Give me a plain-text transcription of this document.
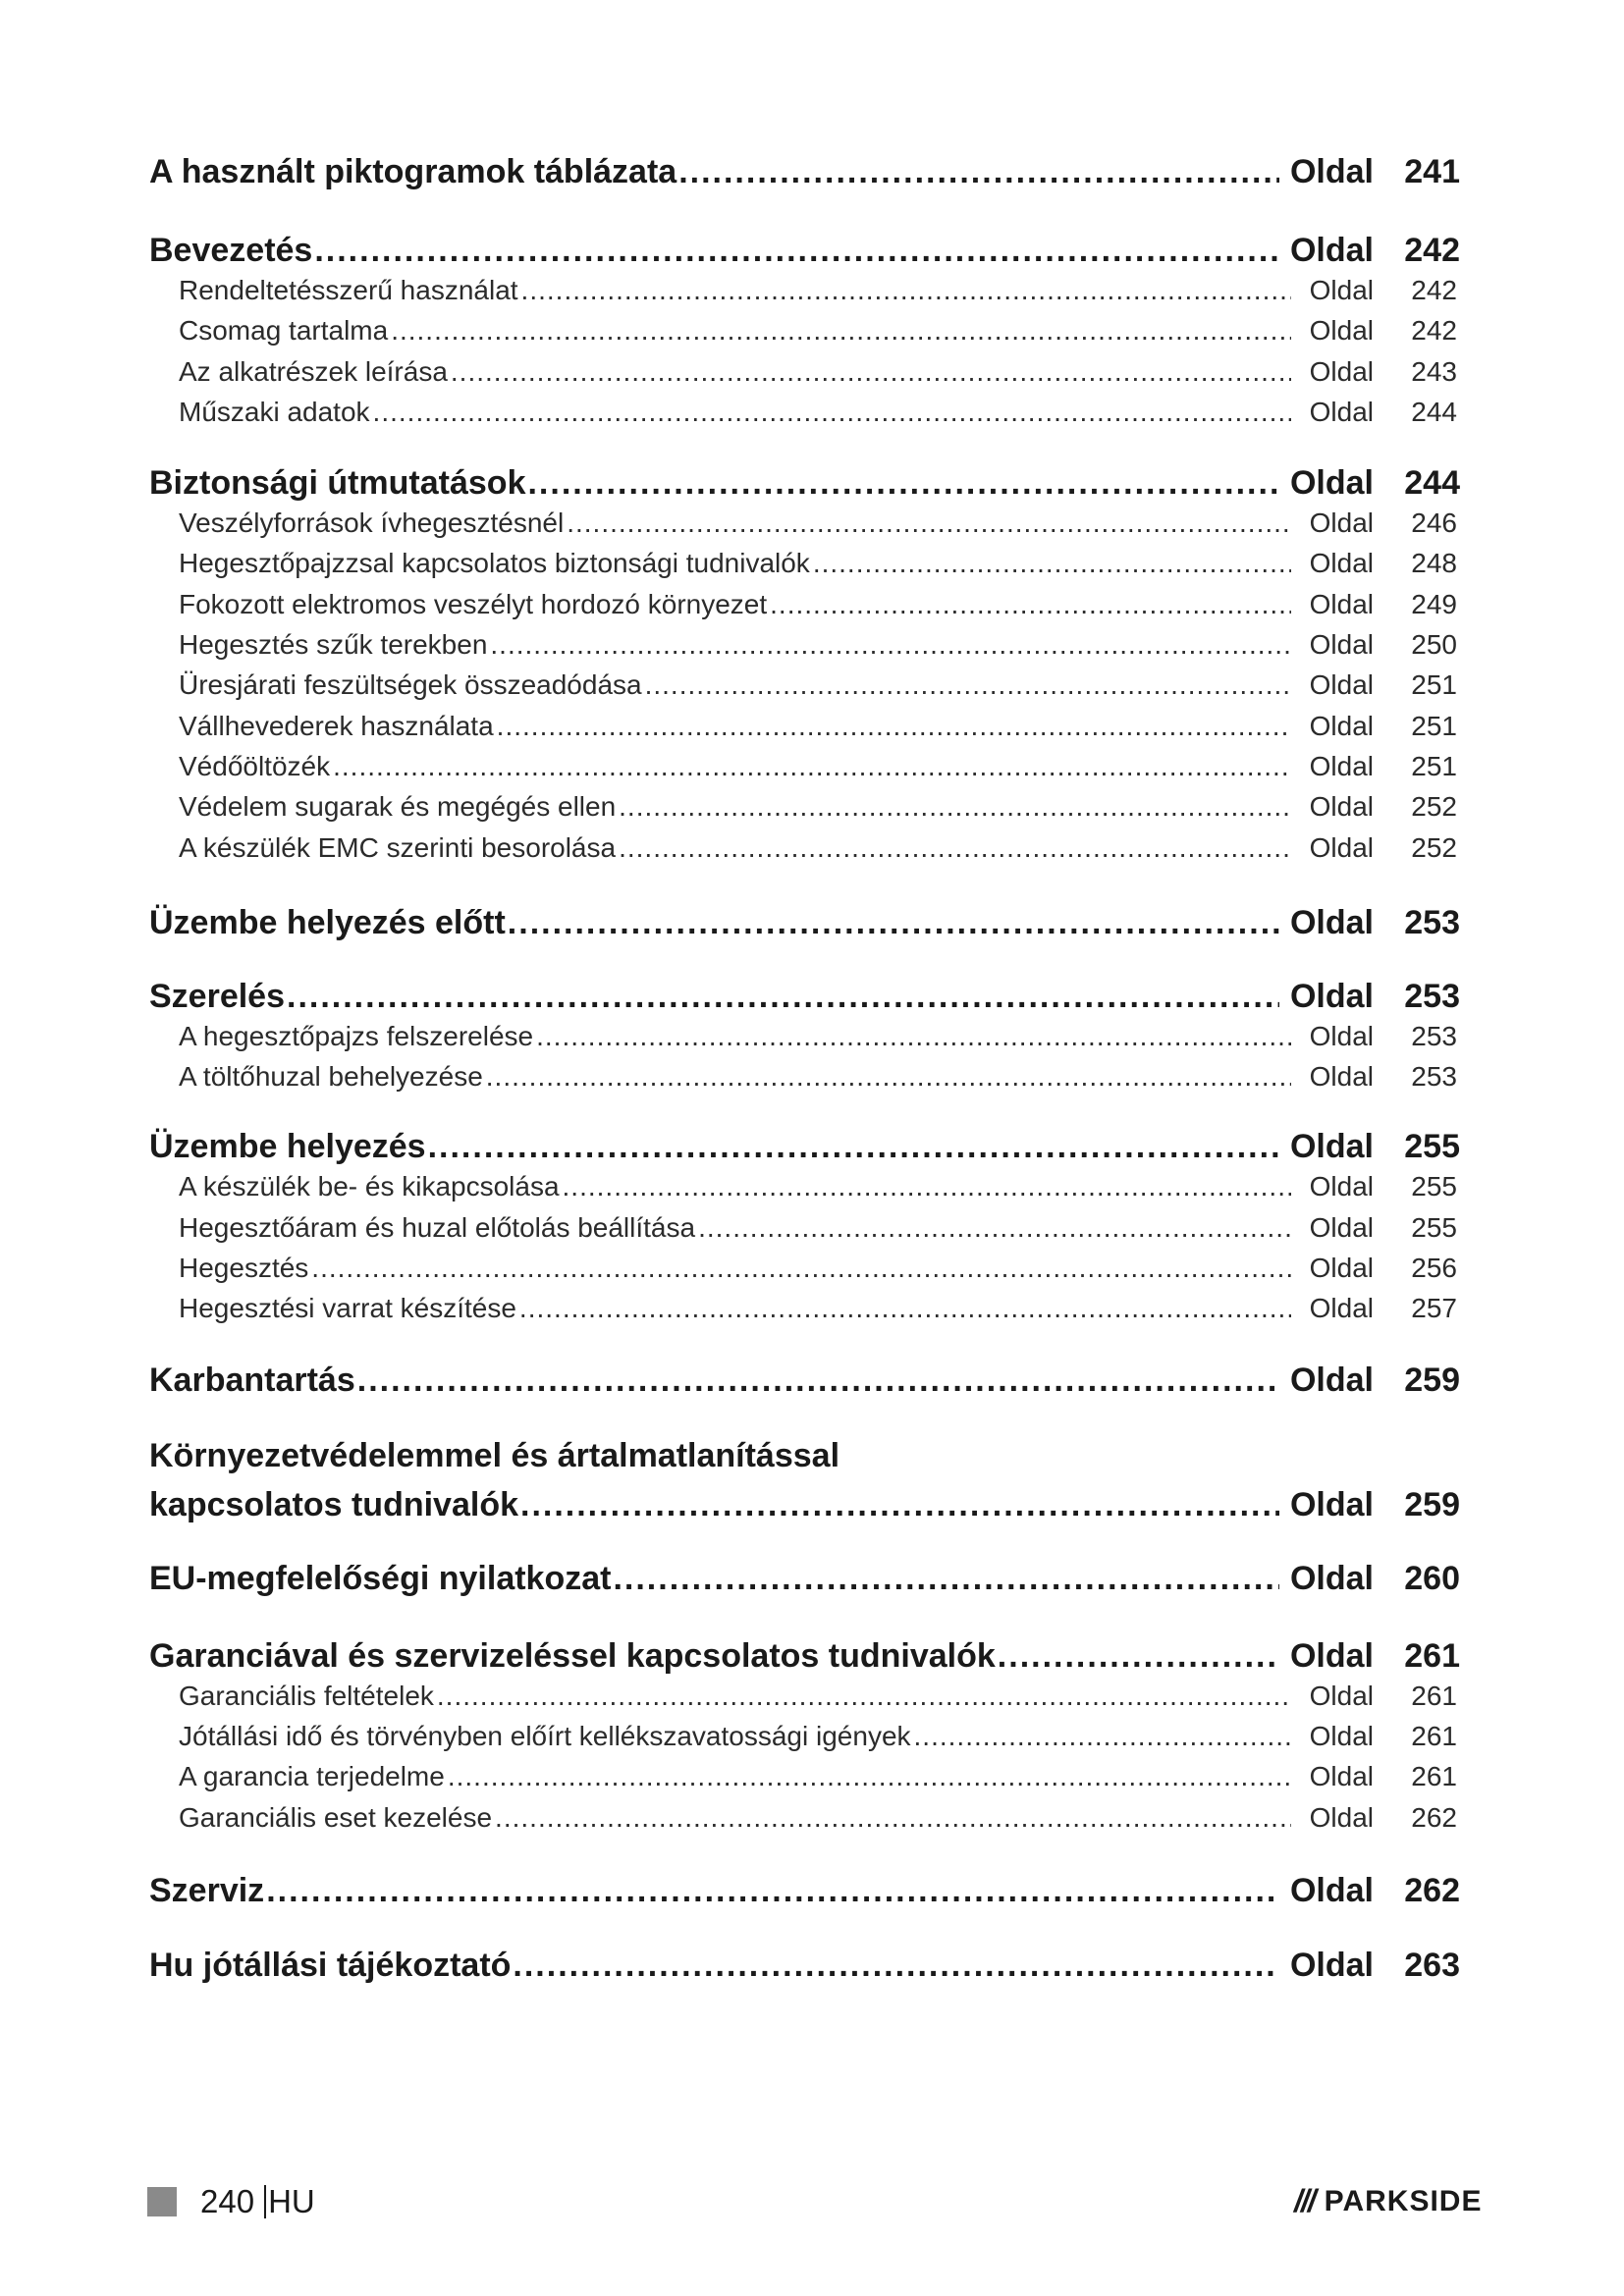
A használt piktogramok táblázata .....	Oldal 241
Bevezetés .....	Oldal 242
Rendeltetésszerű használat .....	Oldal	242
Csomag tartalma .....	Oldal	242
Az alkatrészek leírása .....	Oldal	243
Műszaki adatok .....	Oldal	244
Biztonsági útmutatások .....	Oldal 244
Veszélyforrások ívhegesztésnél .....	Oldal	246
Hegesztőpajzzsal kapcsolatos biztonsági tudnivalók .....	Oldal	248
Fokozott elektromos veszélyt hordozó környezet .....	Oldal	249
Hegesztés szűk terekben .....	Oldal	250
Üresjárati feszültségek összeadódása .....	Oldal	251
Vállhevederek használata .....	Oldal	251
Védőöltözék .....	Oldal	251
Védelem sugarak és megégés ellen .....	Oldal	252
A készülék EMC szerinti besorolása .....	Oldal	252
Üzembe helyezés előtt .....	Oldal 253
Szerelés .....	Oldal 253
A hegesztőpajzs felszerelése .....	Oldal	253
A töltőhuzal behelyezése .....	Oldal	253
Üzembe helyezés .....	Oldal 255
A készülék be- és kikapcsolása .....	Oldal	255
Hegesztőáram és huzal előtolás beállítása .....	Oldal	255
Hegesztés .....	Oldal	256
Hegesztési varrat készítése .....	Oldal	257
Karbantartás .....	Oldal 259
Környezetvédelemmel és ártalmatlanítással
kapcsolatos tudnivalók .....	Oldal 259
EU-megfelelőségi nyilatkozat .....	Oldal 260
Garanciával és szervizeléssel kapcsolatos tudnivalók .....	Oldal 261
Garanciális feltételek .....	Oldal	261
Jótállási idő és törvényben előírt kellékszavatossági igények .....	Oldal	261
A garancia terjedelme .....	Oldal	261
Garanciális eset kezelése .....	Oldal	262
Szerviz .....	Oldal 262
Hu jótállási tájékoztató .....	Oldal 263
240 HU	/// PARKSIDE
